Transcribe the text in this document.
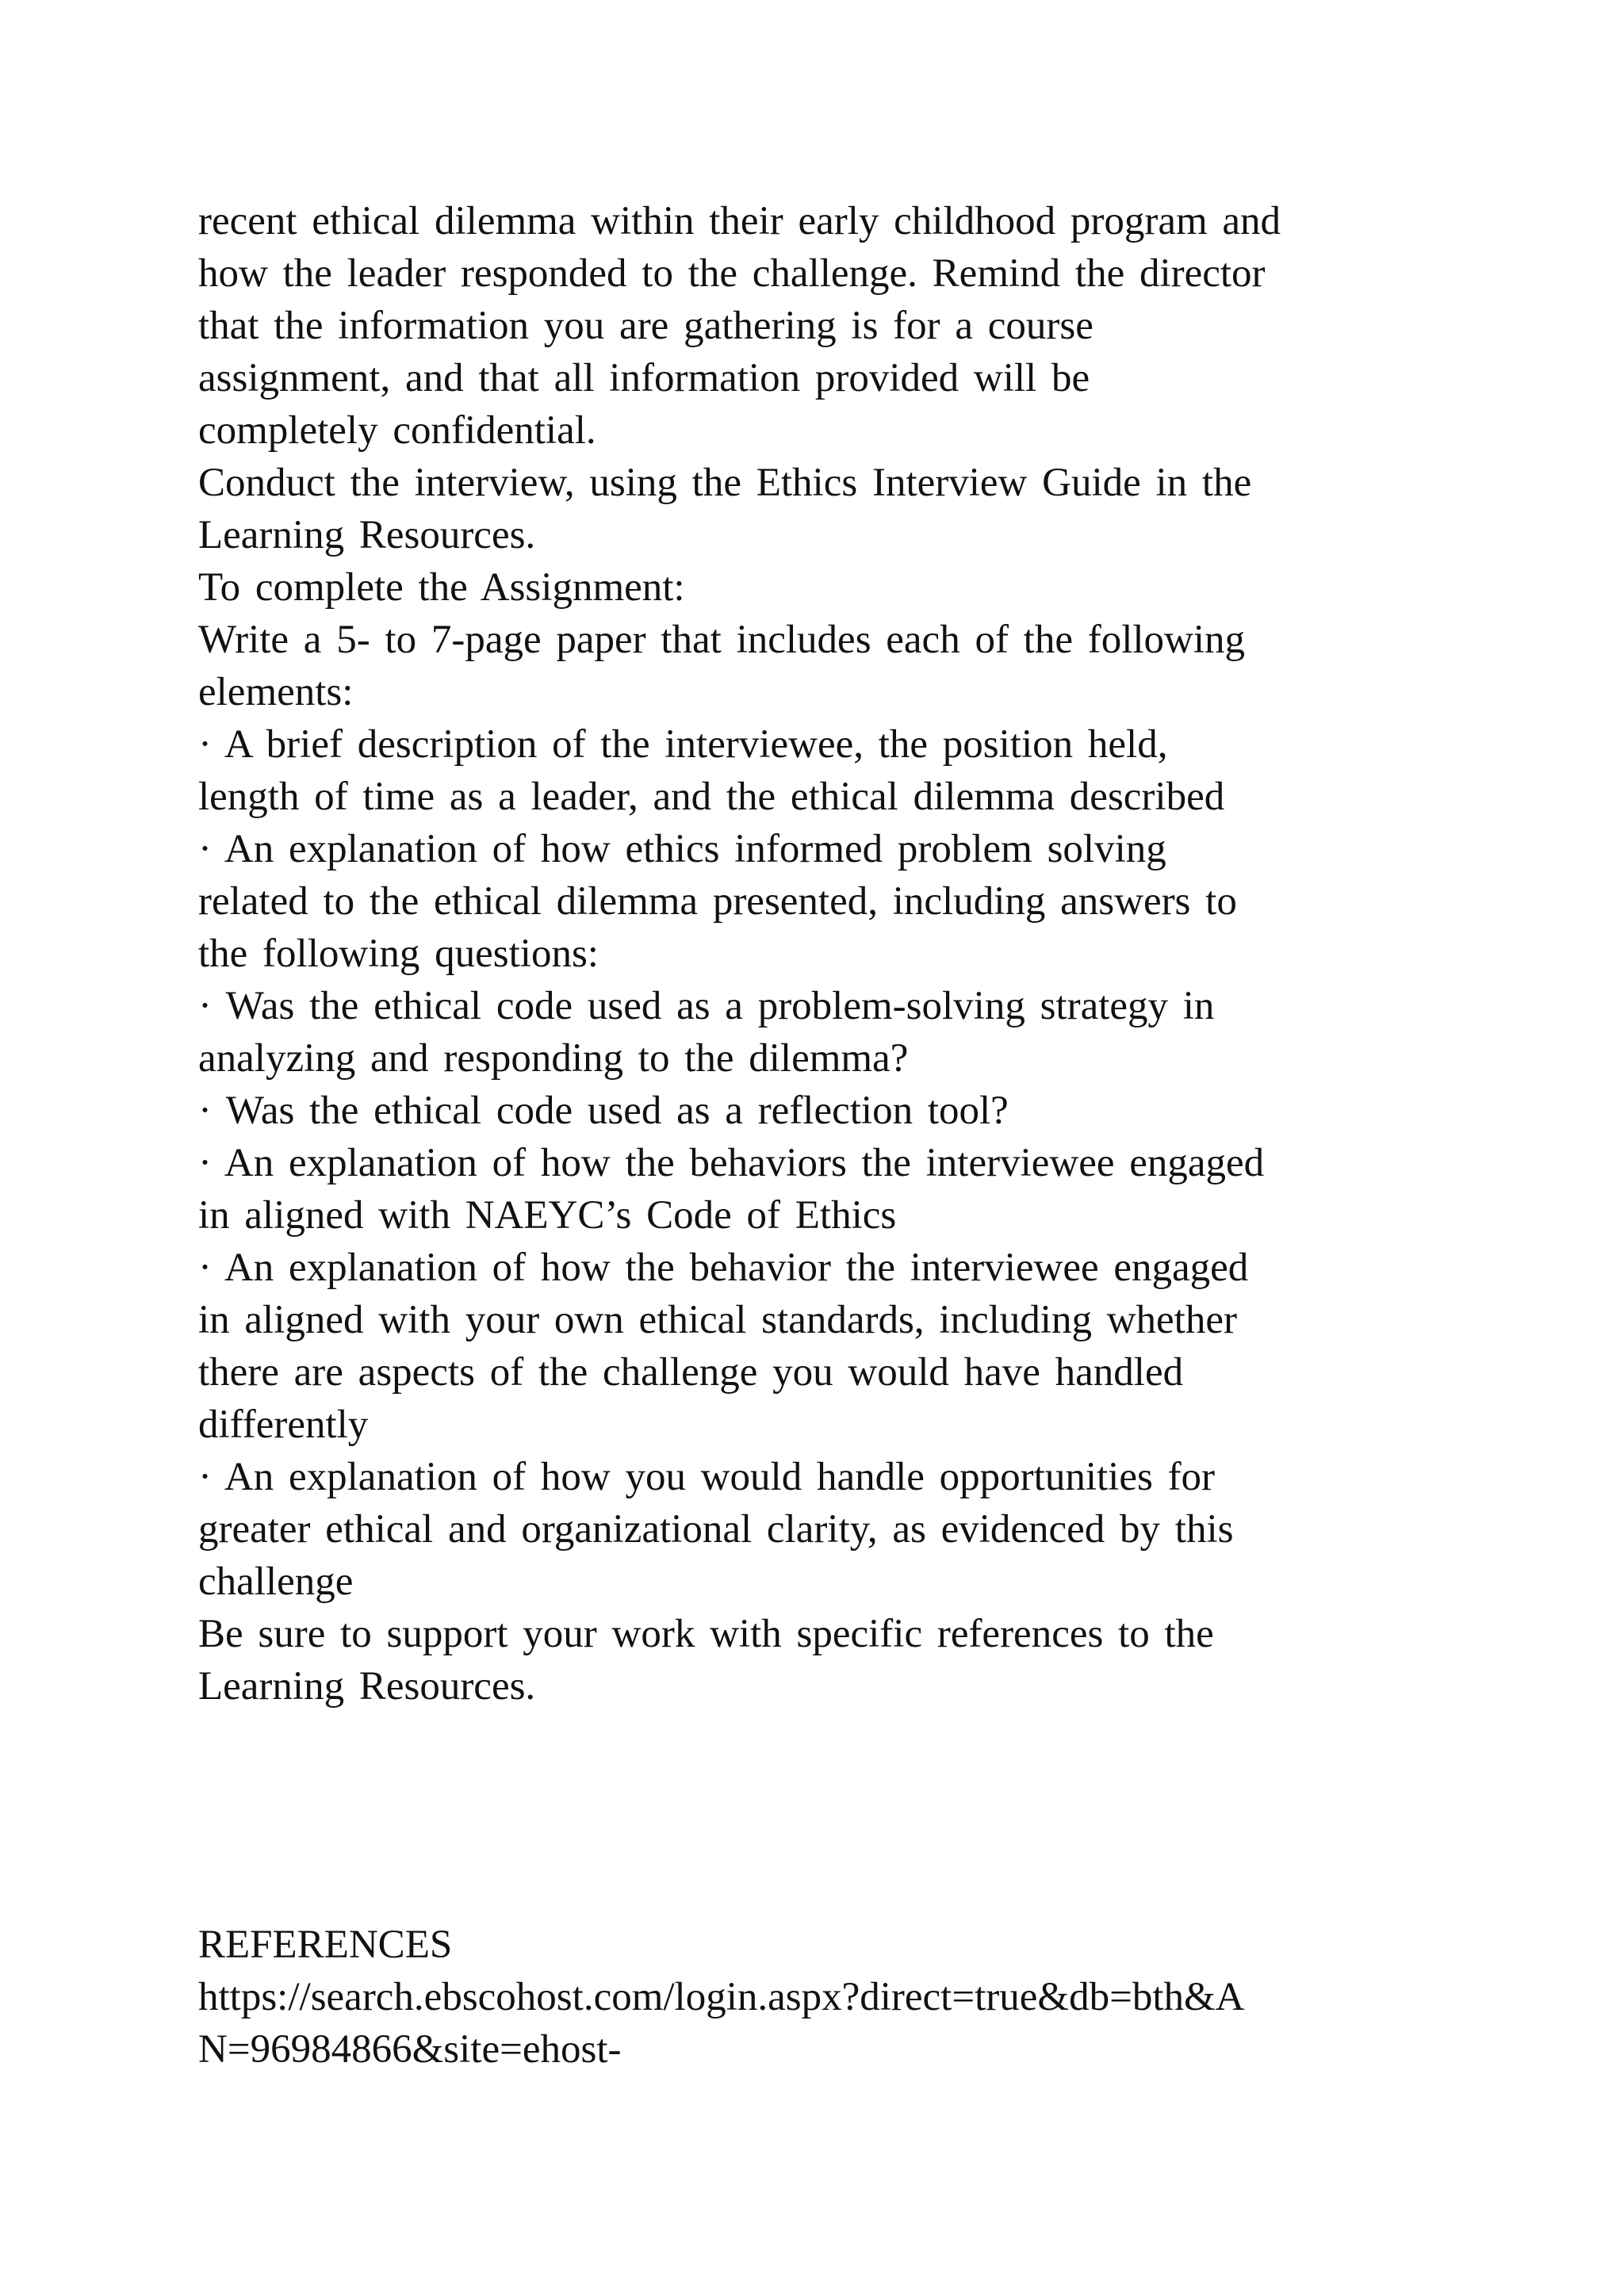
recent ethical dilemma within their early childhood program and
how the leader responded to the challenge. Remind the director
that the information you are gathering is for a course
assignment, and that all information provided will be
completely confidential.
Conduct the interview, using the Ethics Interview Guide in the
Learning Resources.
To complete the Assignment:
Write a 5- to 7-page paper that includes each of the following
elements:
· A brief description of the interviewee, the position held,
length of time as a leader, and the ethical dilemma described
· An explanation of how ethics informed problem solving
related to the ethical dilemma presented, including answers to
the following questions:
· Was the ethical code used as a problem-solving strategy in
analyzing and responding to the dilemma?
· Was the ethical code used as a reflection tool?
· An explanation of how the behaviors the interviewee engaged
in aligned with NAEYC’s Code of Ethics
· An explanation of how the behavior the interviewee engaged
in aligned with your own ethical standards, including whether
there are aspects of the challenge you would have handled
differently
· An explanation of how you would handle opportunities for
greater ethical and organizational clarity, as evidenced by this
challenge
Be sure to support your work with specific references to the
Learning Resources.
REFERENCES
https://search.ebscohost.com/login.aspx?direct=true&db=bth&A
N=96984866&site=ehost-
